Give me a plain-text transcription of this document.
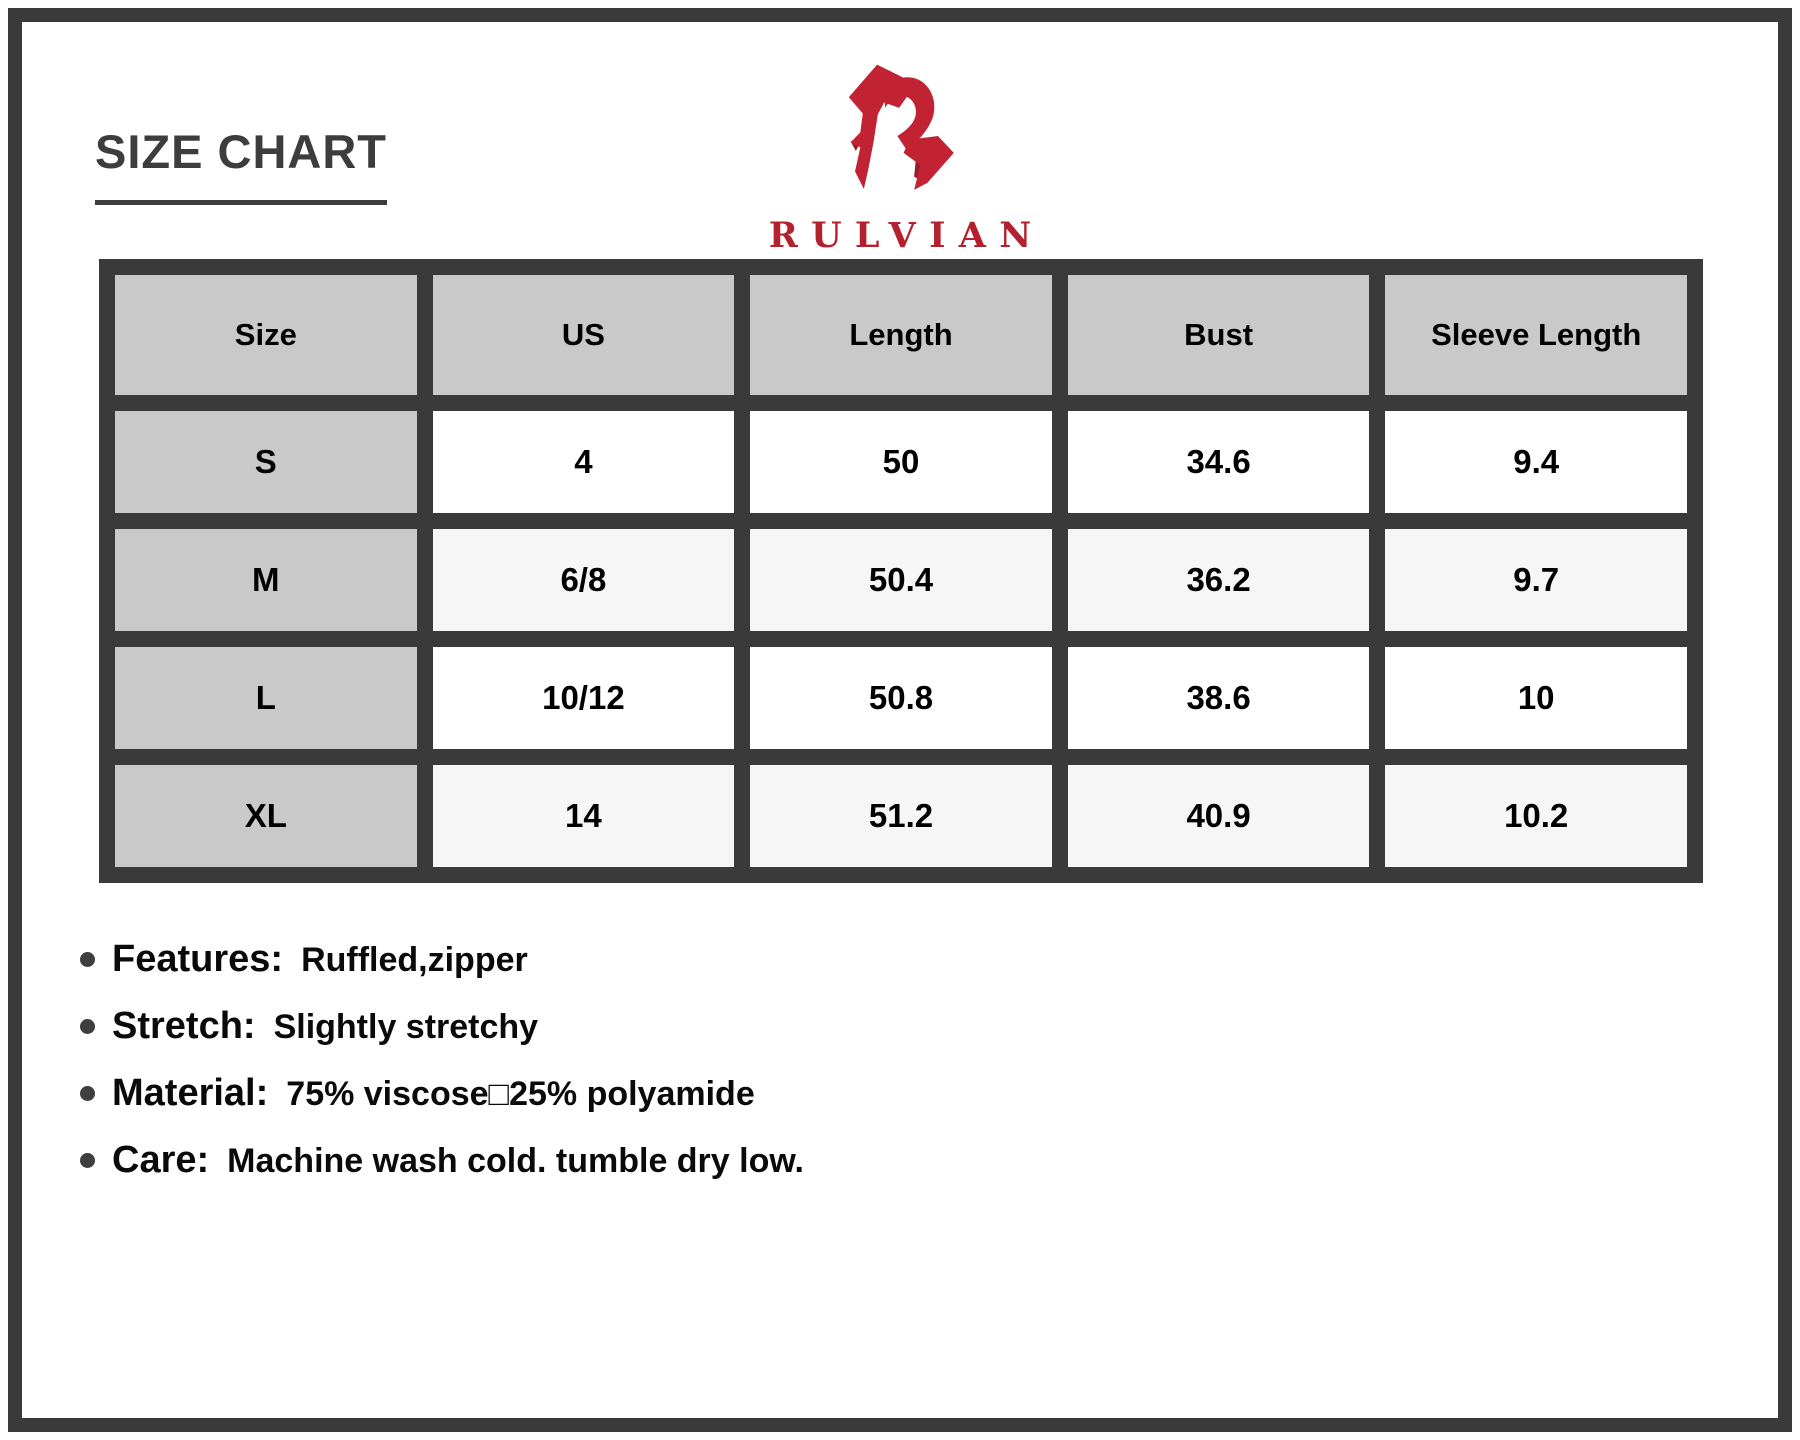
SIZE CHART
RULVIAN
Size	US	Length	Bust	Sleeve Length
S	4	50	34.6	9.4
M	6/8	50.4	36.2	9.7
L	10/12	50.8	38.6	10
XL	14	51.2	40.9	10.2
Features: Ruffled,zipper
Stretch: Slightly stretchy
Material: 75% viscose□25% polyamide
Care: Machine wash cold. tumble dry low.
